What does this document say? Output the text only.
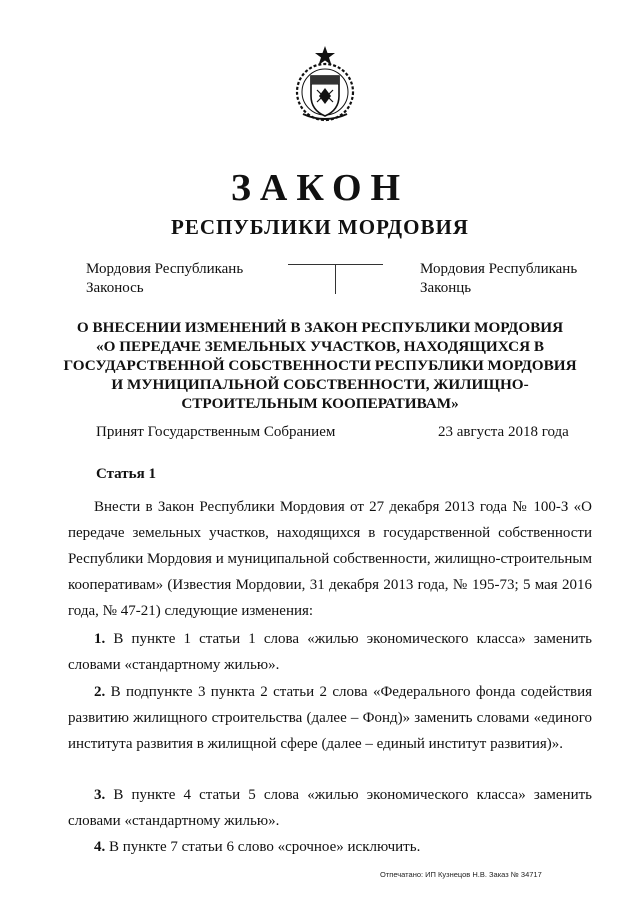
ЗАКОН
РЕСПУБЛИКИ МОРДОВИЯ
Мордовия Республикань
Законось
Мордовия Республикань
Законць
О ВНЕСЕНИИ ИЗМЕНЕНИЙ В ЗАКОН РЕСПУБЛИКИ МОРДОВИЯ
«О ПЕРЕДАЧЕ ЗЕМЕЛЬНЫХ УЧАСТКОВ, НАХОДЯЩИХСЯ В
ГОСУДАРСТВЕННОЙ СОБСТВЕННОСТИ РЕСПУБЛИКИ МОРДОВИЯ
И МУНИЦИПАЛЬНОЙ СОБСТВЕННОСТИ, ЖИЛИЩНО-
СТРОИТЕЛЬНЫМ КООПЕРАТИВАМ»
Принят Государственным Собранием	23 августа 2018 года
Статья 1
Внести в Закон Республики Мордовия от 27 декабря 2013 года № 100-З «О передаче земельных участков, находящихся в государственной собственности Республики Мордовия и муниципальной собственности, жилищно-строительным кооперативам» (Известия Мордовии, 31 декабря 2013 года, № 195-73; 5 мая 2016 года, № 47-21) следующие изменения:
1. В пункте 1 статьи 1 слова «жилью экономического класса» заменить словами «стандартному жилью».
2. В подпункте 3 пункта 2 статьи 2 слова «Федерального фонда содействия развитию жилищного строительства (далее – Фонд)» заменить словами «единого института развития в жилищной сфере (далее – единый институт развития)».
3. В пункте 4 статьи 5 слова «жилью экономического класса» заменить словами «стандартному жилью».
4. В пункте 7 статьи 6 слово «срочное» исключить.
Отпечатано: ИП Кузнецов Н.В. Заказ № 34717
